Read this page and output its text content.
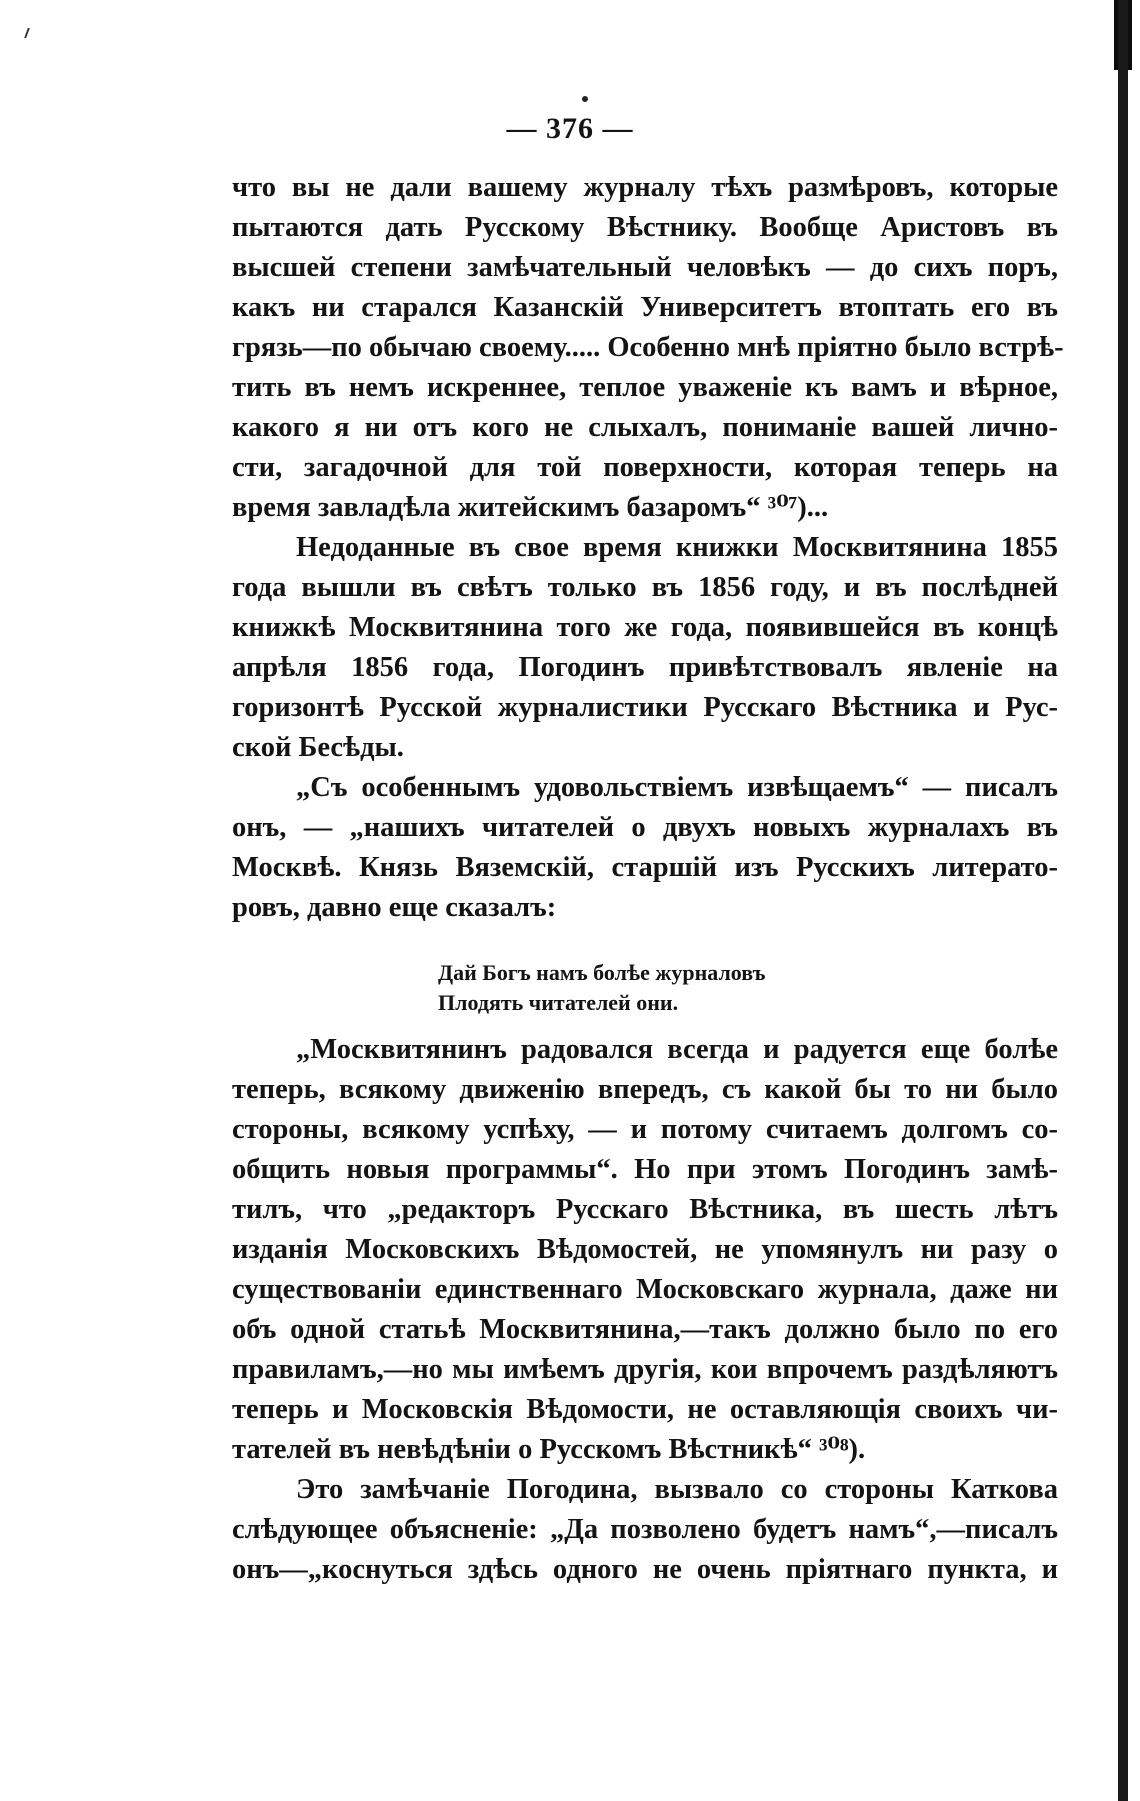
— 376 —
что вы не дали вашему журналу тѣхъ размѣровъ, которые
пытаются дать Русскому Вѣстнику. Вообще Аристовъ въ
высшей степени замѣчательный человѣкъ — до сихъ поръ,
какъ ни старался Казанскій Университетъ втоптать его въ
грязь—по обычаю своему..... Особенно мнѣ пріятно было встрѣ-
тить въ немъ искреннее, теплое уваженіе къ вамъ и вѣрное,
какого я ни отъ кого не слыхалъ, пониманіе вашей лично-
сти, загадочной для той поверхности, которая теперь на
время завладѣла житейскимъ базаромъ“ ³⁰⁷)...
Недоданные въ свое время книжки Москвитянина 1855
года вышли въ свѣтъ только въ 1856 году, и въ послѣдней
книжкѣ Москвитянина того же года, появившейся въ концѣ
апрѣля 1856 года, Погодинъ привѣтствовалъ явленіе на
горизонтѣ Русской журналистики Русскаго Вѣстника и Рус-
ской Бесѣды.
„Съ особеннымъ удовольствіемъ извѣщаемъ“ — писалъ
онъ, — „нашихъ читателей о двухъ новыхъ журналахъ въ
Москвѣ. Князь Вяземскій, старшій изъ Русскихъ литерато-
ровъ, давно еще сказалъ:
Дай Богъ намъ болѣе журналовъ
Плодять читателей они.
„Москвитянинъ радовался всегда и радуется еще болѣе
теперь, всякому движенію впередъ, съ какой бы то ни было
стороны, всякому успѣху, — и потому считаемъ долгомъ со-
общить новыя программы“. Но при этомъ Погодинъ замѣ-
тилъ, что „редакторъ Русскаго Вѣстника, въ шесть лѣтъ
изданія Московскихъ Вѣдомостей, не упомянулъ ни разу о
существованіи единственнаго Московскаго журнала, даже ни
объ одной статьѣ Москвитянина,—такъ должно было по его
правиламъ,—но мы имѣемъ другія, кои впрочемъ раздѣляютъ
теперь и Московскія Вѣдомости, не оставляющія своихъ чи-
тателей въ невѣдѣніи о Русскомъ Вѣстникѣ“ ³⁰⁸).
Это замѣчаніе Погодина, вызвало со стороны Каткова
слѣдующее объясненіе: „Да позволено будетъ намъ“,—писалъ
онъ—„коснуться здѣсь одного не очень пріятнаго пункта, и
